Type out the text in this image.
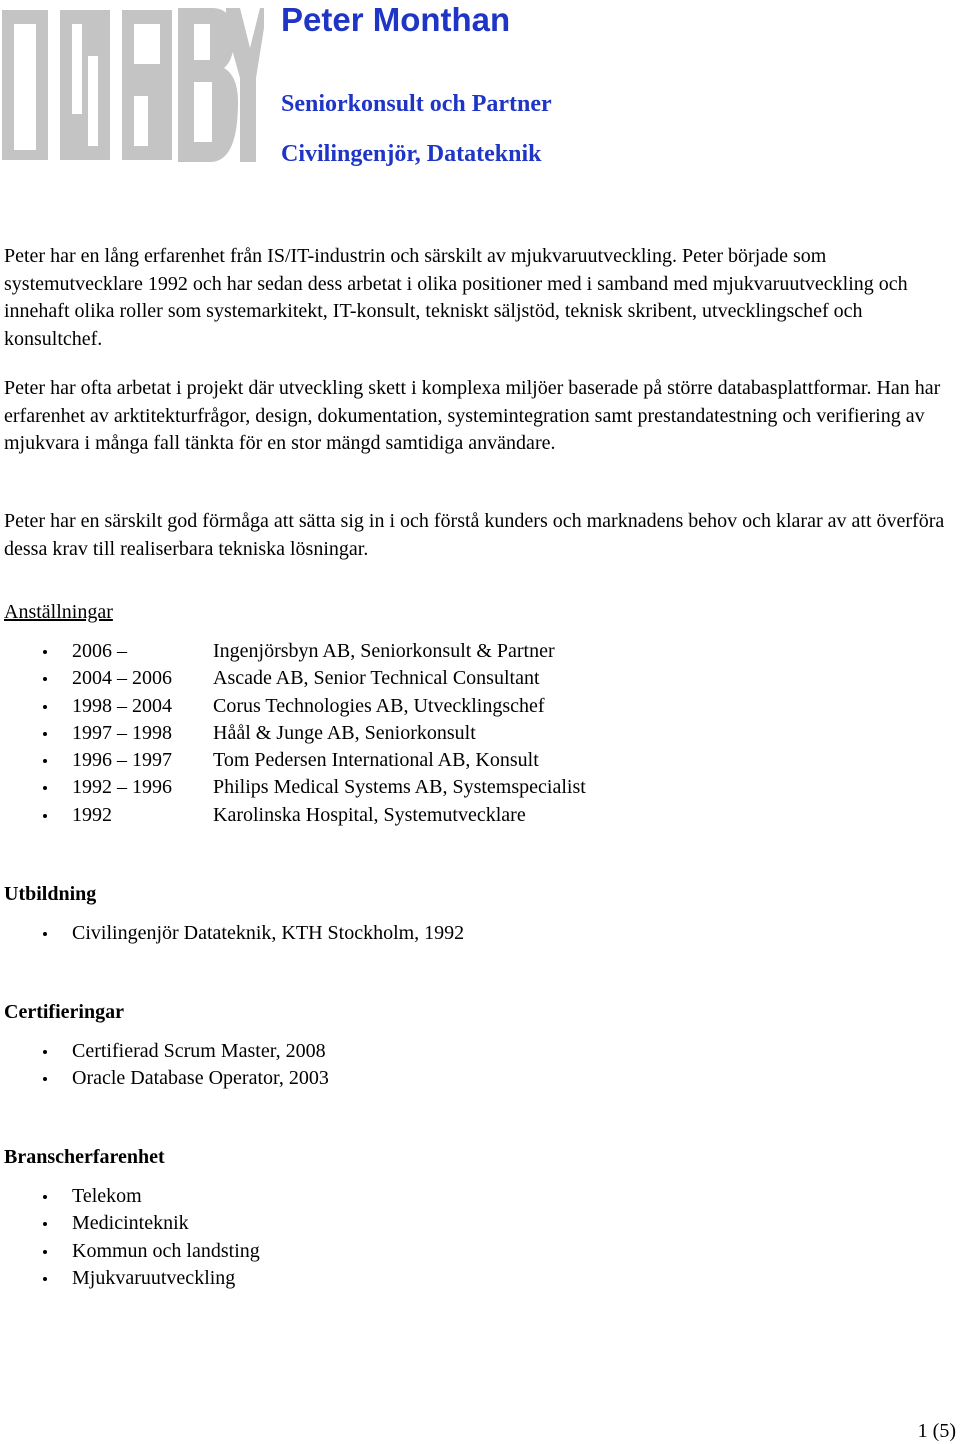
Peter Monthan
Seniorkonsult och Partner
Civilingenjör, Datateknik

Peter har en lång erfarenhet från IS/IT-industrin och särskilt av mjukvaruutveckling. Peter började som systemutvecklare 1992 och har sedan dess arbetat i olika positioner med i samband med mjukvaruutveckling och innehaft olika roller som systemarkitekt, IT-konsult, tekniskt säljstöd, teknisk skribent, utvecklingschef och konsultchef.

Peter har ofta arbetat i projekt där utveckling skett i komplexa miljöer baserade på större databasplattformar. Han har erfarenhet av arktitekturfrågor, design, dokumentation, systemintegration samt prestandatestning och verifiering av mjukvara i många fall tänkta för en stor mängd samtidiga användare.

Peter har en särskilt god förmåga att sätta sig in i och förstå kunders och marknadens behov och klarar av att överföra dessa krav till realiserbara tekniska lösningar.

Anställningar
2006 –	Ingenjörsbyn AB, Seniorkonsult & Partner
2004 – 2006 Ascade AB, Senior Technical Consultant
1998 – 2004 Corus Technologies AB, Utvecklingschef
1997 – 1998 Håål & Junge AB, Seniorkonsult
1996 – 1997 Tom Pedersen International AB, Konsult
1992 – 1996 Philips Medical Systems AB, Systemspecialist
1992	Karolinska Hospital, Systemutvecklare
Utbildning
Civilingenjör Datateknik, KTH Stockholm, 1992
Certifieringar
Certifierad Scrum Master, 2008
Oracle Database Operator, 2003
Branscherfarenhet
Telekom
Medicinteknik
Kommun och landsting
Mjukvaruutveckling
1 (5)
